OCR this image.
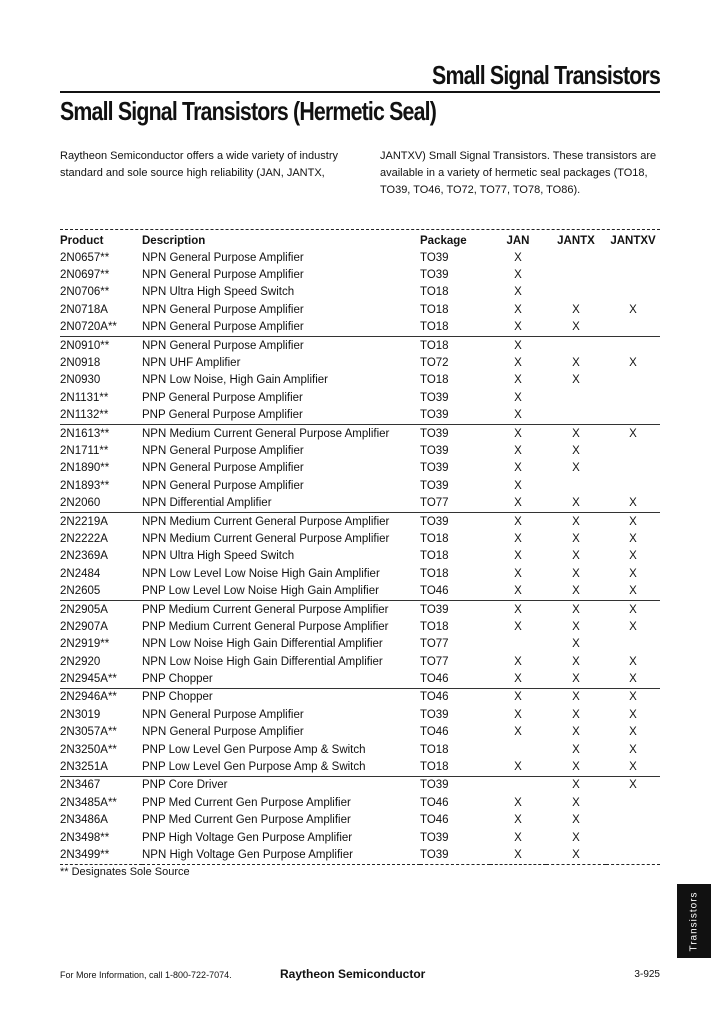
Small Signal Transistors
Small Signal Transistors (Hermetic Seal)
Raytheon Semiconductor offers a wide variety of industry standard and sole source high reliability (JAN, JANTX,
JANTXV) Small Signal Transistors. These transistors are available in a variety of hermetic seal packages (TO18, TO39, TO46, TO72, TO77, TO78, TO86).
Product	Description	Package	JAN	JANTX	JANTXV
2N0657**	NPN General Purpose Amplifier	TO39	X		
2N0697**	NPN General Purpose Amplifier	TO39	X		
2N0706**	NPN Ultra High Speed Switch	TO18	X		
2N0718A	NPN General Purpose Amplifier	TO18	X	X	X
2N0720A**	NPN General Purpose Amplifier	TO18	X	X	
2N0910**	NPN General Purpose Amplifier	TO18	X		
2N0918	NPN UHF Amplifier	TO72	X	X	X
2N0930	NPN Low Noise, High Gain Amplifier	TO18	X	X	
2N1131**	PNP General Purpose Amplifier	TO39	X		
2N1132**	PNP General Purpose Amplifier	TO39	X		
2N1613**	NPN Medium Current General Purpose Amplifier	TO39	X	X	X
2N1711**	NPN General Purpose Amplifier	TO39	X	X	
2N1890**	NPN General Purpose Amplifier	TO39	X	X	
2N1893**	NPN General Purpose Amplifier	TO39	X		
2N2060	NPN Differential Amplifier	TO77	X	X	X
2N2219A	NPN Medium Current General Purpose Amplifier	TO39	X	X	X
2N2222A	NPN Medium Current General Purpose Amplifier	TO18	X	X	X
2N2369A	NPN Ultra High Speed Switch	TO18	X	X	X
2N2484	NPN Low Level Low Noise High Gain Amplifier	TO18	X	X	X
2N2605	PNP Low Level Low Noise High Gain Amplifier	TO46	X	X	X
2N2905A	PNP Medium Current General Purpose Amplifier	TO39	X	X	X
2N2907A	PNP Medium Current General Purpose Amplifier	TO18	X	X	X
2N2919**	NPN Low Noise High Gain Differential Amplifier	TO77		X	
2N2920	NPN Low Noise High Gain Differential Amplifier	TO77	X	X	X
2N2945A**	PNP Chopper	TO46	X	X	X
2N2946A**	PNP Chopper	TO46	X	X	X
2N3019	NPN General Purpose Amplifier	TO39	X	X	X
2N3057A**	NPN General Purpose Amplifier	TO46	X	X	X
2N3250A**	PNP Low Level Gen Purpose Amp & Switch	TO18		X	X
2N3251A	PNP Low Level Gen Purpose Amp & Switch	TO18	X	X	X
2N3467	PNP Core Driver	TO39		X	X
2N3485A**	PNP Med Current Gen Purpose Amplifier	TO46	X	X	
2N3486A	PNP Med Current Gen Purpose Amplifier	TO46	X	X	
2N3498**	PNP High Voltage Gen Purpose Amplifier	TO39	X	X	
2N3499**	NPN High Voltage Gen Purpose Amplifier	TO39	X	X	
** Designates Sole Source
Transistors
For More Information, call 1-800-722-7074.	Raytheon Semiconductor	3-925
